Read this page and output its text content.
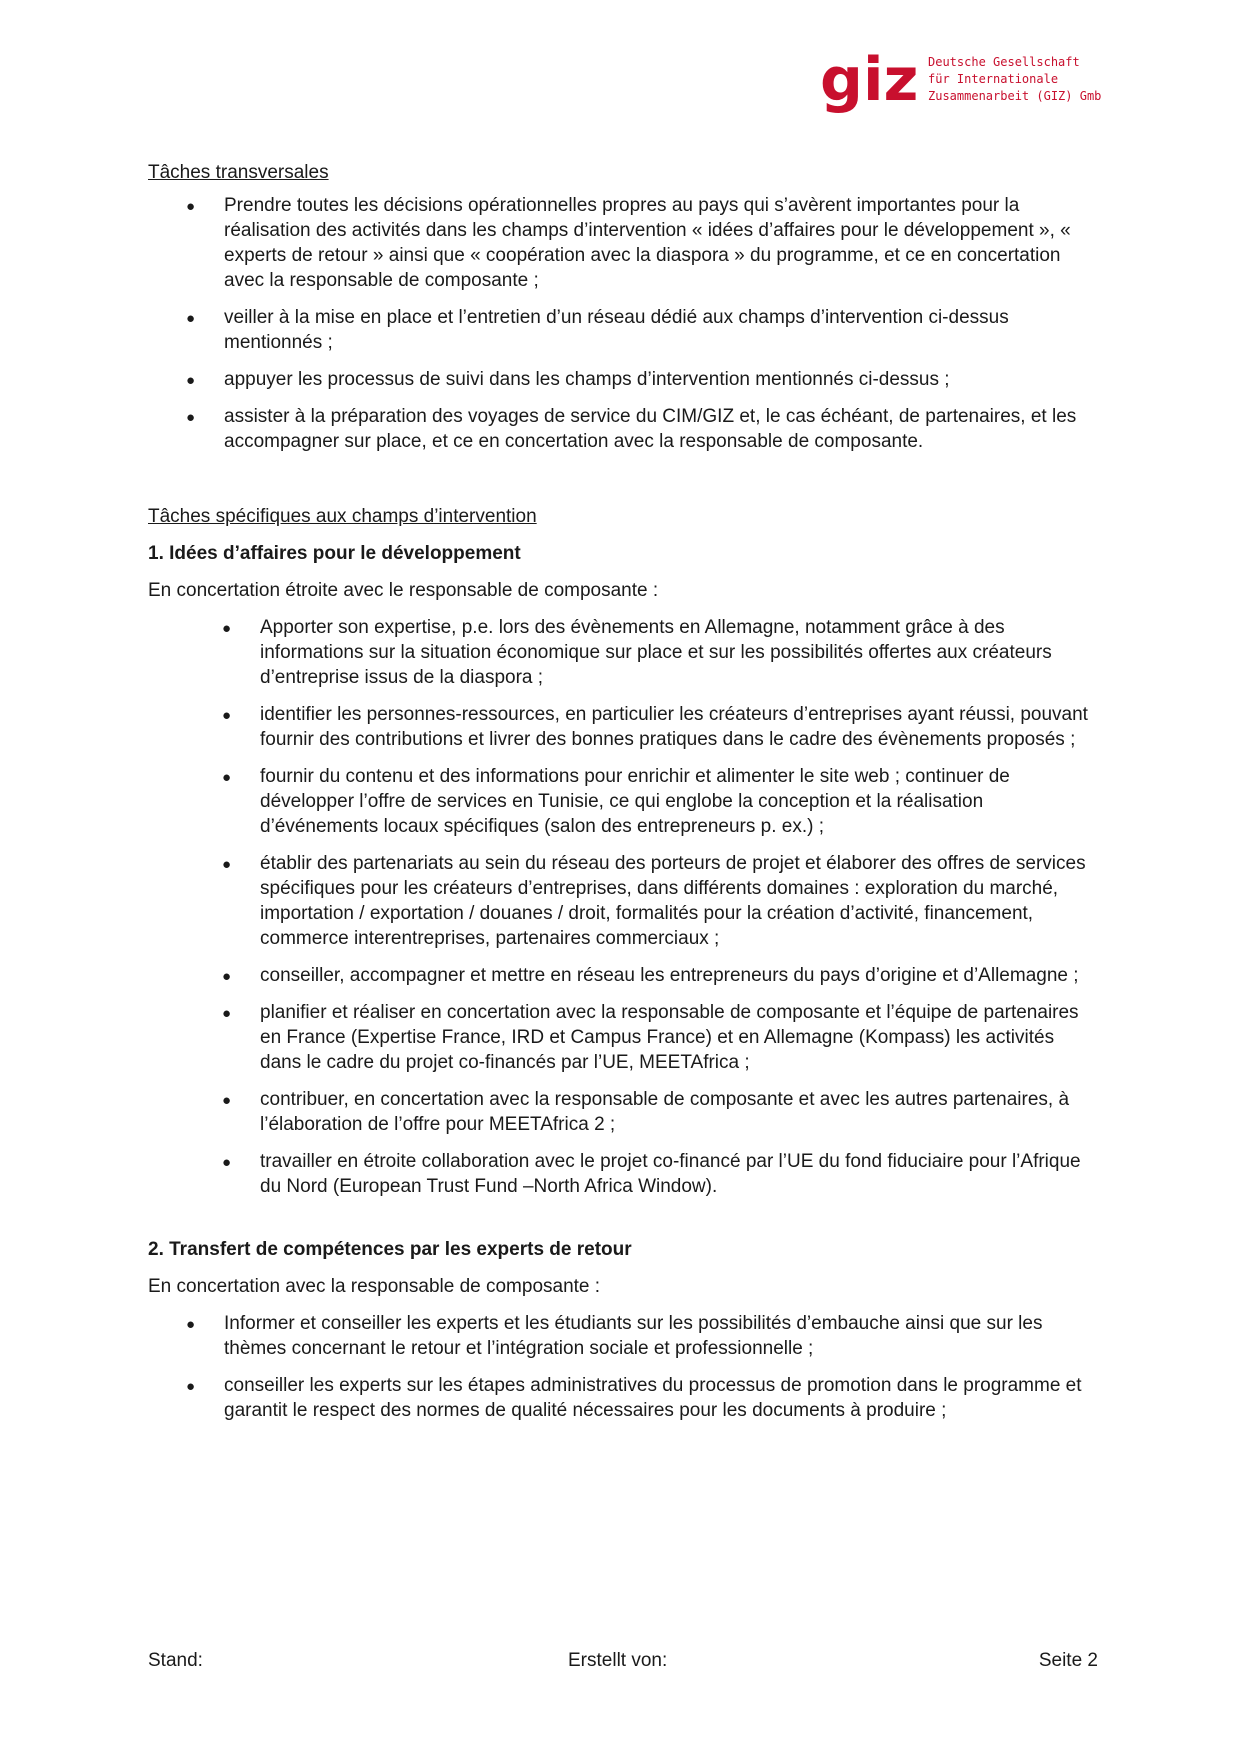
giz Deutsche Gesellschaft
für Internationale
Zusammenarbeit (GIZ) Gmb

Tâches transversales

● Prendre toutes les décisions opérationnelles propres au pays qui s’avèrent importantes pour la réalisation des activités dans les champs d’intervention « idées d’affaires pour le développement », « experts de retour » ainsi que « coopération avec la diaspora » du programme, et ce en concertation avec la responsable de composante ;
● veiller à la mise en place et l’entretien d’un réseau dédié aux champs d’intervention ci-dessus mentionnés ;
● appuyer les processus de suivi dans les champs d’intervention mentionnés ci-dessus ;
● assister à la préparation des voyages de service du CIM/GIZ et, le cas échéant, de partenaires, et les accompagner sur place, et ce en concertation avec la responsable de composante.

Tâches spécifiques aux champs d’intervention

1. Idées d’affaires pour le développement

En concertation étroite avec le responsable de composante :

● Apporter son expertise, p.e. lors des évènements en Allemagne, notamment grâce à des informations sur la situation économique sur place et sur les possibilités offertes aux créateurs d’entreprise issus de la diaspora ;
● identifier les personnes-ressources, en particulier les créateurs d’entreprises ayant réussi, pouvant fournir des contributions et livrer des bonnes pratiques dans le cadre des évènements proposés ;
● fournir du contenu et des informations pour enrichir et alimenter le site web ; continuer de développer l’offre de services en Tunisie, ce qui englobe la conception et la réalisation d’événements locaux spécifiques (salon des entrepreneurs p. ex.) ;
● établir des partenariats au sein du réseau des porteurs de projet et élaborer des offres de services spécifiques pour les créateurs d’entreprises, dans différents domaines : exploration du marché, importation / exportation / douanes / droit, formalités pour la création d’activité, financement, commerce interentreprises, partenaires commerciaux ;
● conseiller, accompagner et mettre en réseau les entrepreneurs du pays d’origine et d’Allemagne ;
● planifier et réaliser en concertation avec la responsable de composante et l’équipe de partenaires en France (Expertise France, IRD et Campus France) et en Allemagne (Kompass) les activités dans le cadre du projet co-financés par l’UE, MEETAfrica ;
● contribuer, en concertation avec la responsable de composante et avec les autres partenaires, à l’élaboration de l’offre pour MEETAfrica 2 ;
● travailler en étroite collaboration avec le projet co-financé par l’UE du fond fiduciaire pour l’Afrique du Nord (European Trust Fund –North Africa Window).

2. Transfert de compétences par les experts de retour

En concertation avec la responsable de composante :

● Informer et conseiller les experts et les étudiants sur les possibilités d’embauche ainsi que sur les thèmes concernant le retour et l’intégration sociale et professionnelle ;
● conseiller les experts sur les étapes administratives du processus de promotion dans le programme et garantit le respect des normes de qualité nécessaires pour les documents à produire ;
Stand:	Erstellt von:	Seite 2
